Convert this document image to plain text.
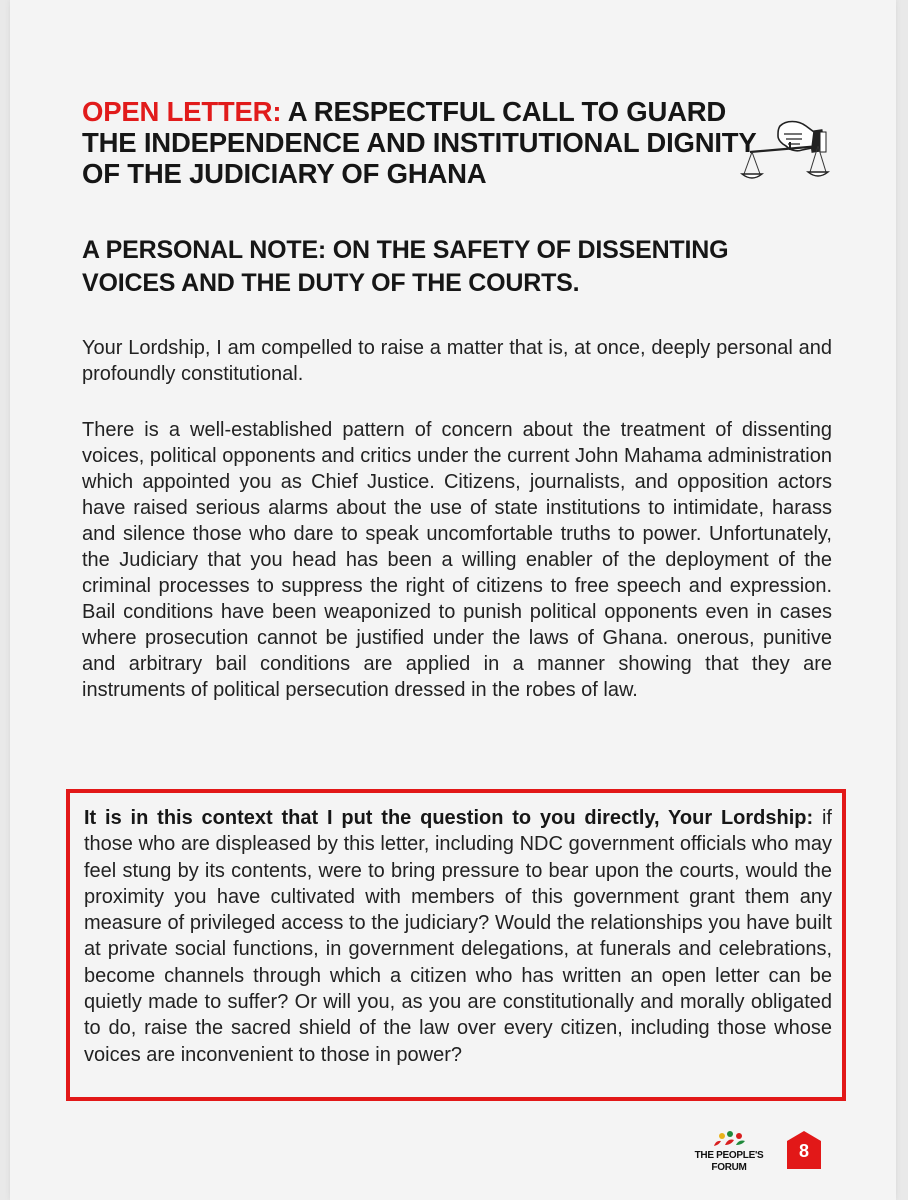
OPEN LETTER: A RESPECTFUL CALL TO GUARD THE INDEPENDENCE AND INSTITUTIONAL DIGNITY OF THE JUDICIARY OF GHANA
A PERSONAL NOTE: ON THE SAFETY OF DISSENTING VOICES AND THE DUTY OF THE COURTS.

Your Lordship, I am compelled to raise a matter that is, at once, deeply personal and profoundly constitutional.

There is a well-established pattern of concern about the treatment of dissenting voices, political opponents and critics under the current John Mahama administration which appointed you as Chief Justice. Citizens, journalists, and opposition actors have raised serious alarms about the use of state institutions to intimidate, harass and silence those who dare to speak uncomfortable truths to power. Unfortunately, the Judiciary that you head has been a willing enabler of the deployment of the criminal processes to suppress the right of citizens to free speech and expression. Bail conditions have been weaponized to punish political opponents even in cases where prosecution cannot be justified under the laws of Ghana. onerous, punitive and arbitrary bail conditions are applied in a manner showing that they are instruments of political persecution dressed in the robes of law.

It is in this context that I put the question to you directly, Your Lordship: if those who are displeased by this letter, including NDC government officials who may feel stung by its contents, were to bring pressure to bear upon the courts, would the proximity you have cultivated with members of this government grant them any measure of privileged access to the judiciary? Would the relationships you have built at private social functions, in government delegations, at funerals and celebrations, become channels through which a citizen who has written an open letter can be quietly made to suffer? Or will you, as you are constitutionally and morally obligated to do, raise the sacred shield of the law over every citizen, including those whose voices are inconvenient to those in power?

THE PEOPLE'S
FORUM
8
